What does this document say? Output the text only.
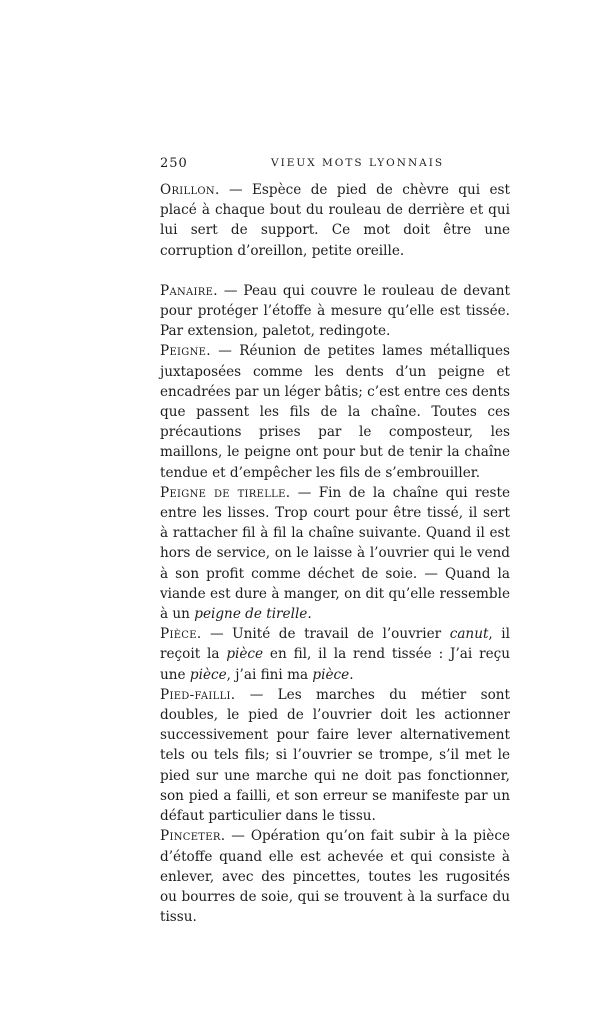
250	VIEUX MOTS LYONNAIS

Orillon. — Espèce de pied de chèvre qui est placé à chaque bout du rouleau de derrière et qui lui sert de support. Ce mot doit être une corruption d’oreillon, petite oreille.

Panaire. — Peau qui couvre le rouleau de devant pour protéger l’étoffe à mesure qu’elle est tissée. Par extension, paletot, redingote.

Peigne. — Réunion de petites lames métalliques juxtaposées comme les dents d’un peigne et encadrées par un léger bâtis; c’est entre ces dents que passent les fils de la chaîne. Toutes ces précautions prises par le composteur, les maillons, le peigne ont pour but de tenir la chaîne tendue et d’empêcher les fils de s’embrouiller.

Peigne de tirelle. — Fin de la chaîne qui reste entre les lisses. Trop court pour être tissé, il sert à rattacher fil à fil la chaîne suivante. Quand il est hors de service, on le laisse à l’ouvrier qui le vend à son profit comme déchet de soie. — Quand la viande est dure à manger, on dit qu’elle ressemble à un peigne de tirelle.

Pièce. — Unité de travail de l’ouvrier canut, il reçoit la pièce en fil, il la rend tissée : J’ai reçu une pièce, j’ai fini ma pièce.

Pied-failli. — Les marches du métier sont doubles, le pied de l’ouvrier doit les actionner successivement pour faire lever alternativement tels ou tels fils; si l’ouvrier se trompe, s’il met le pied sur une marche qui ne doit pas fonctionner, son pied a failli, et son erreur se manifeste par un défaut particulier dans le tissu.

Pinceter. — Opération qu’on fait subir à la pièce d’étoffe quand elle est achevée et qui consiste à enlever, avec des pincettes, toutes les rugosités ou bourres de soie, qui se trouvent à la surface du tissu.
